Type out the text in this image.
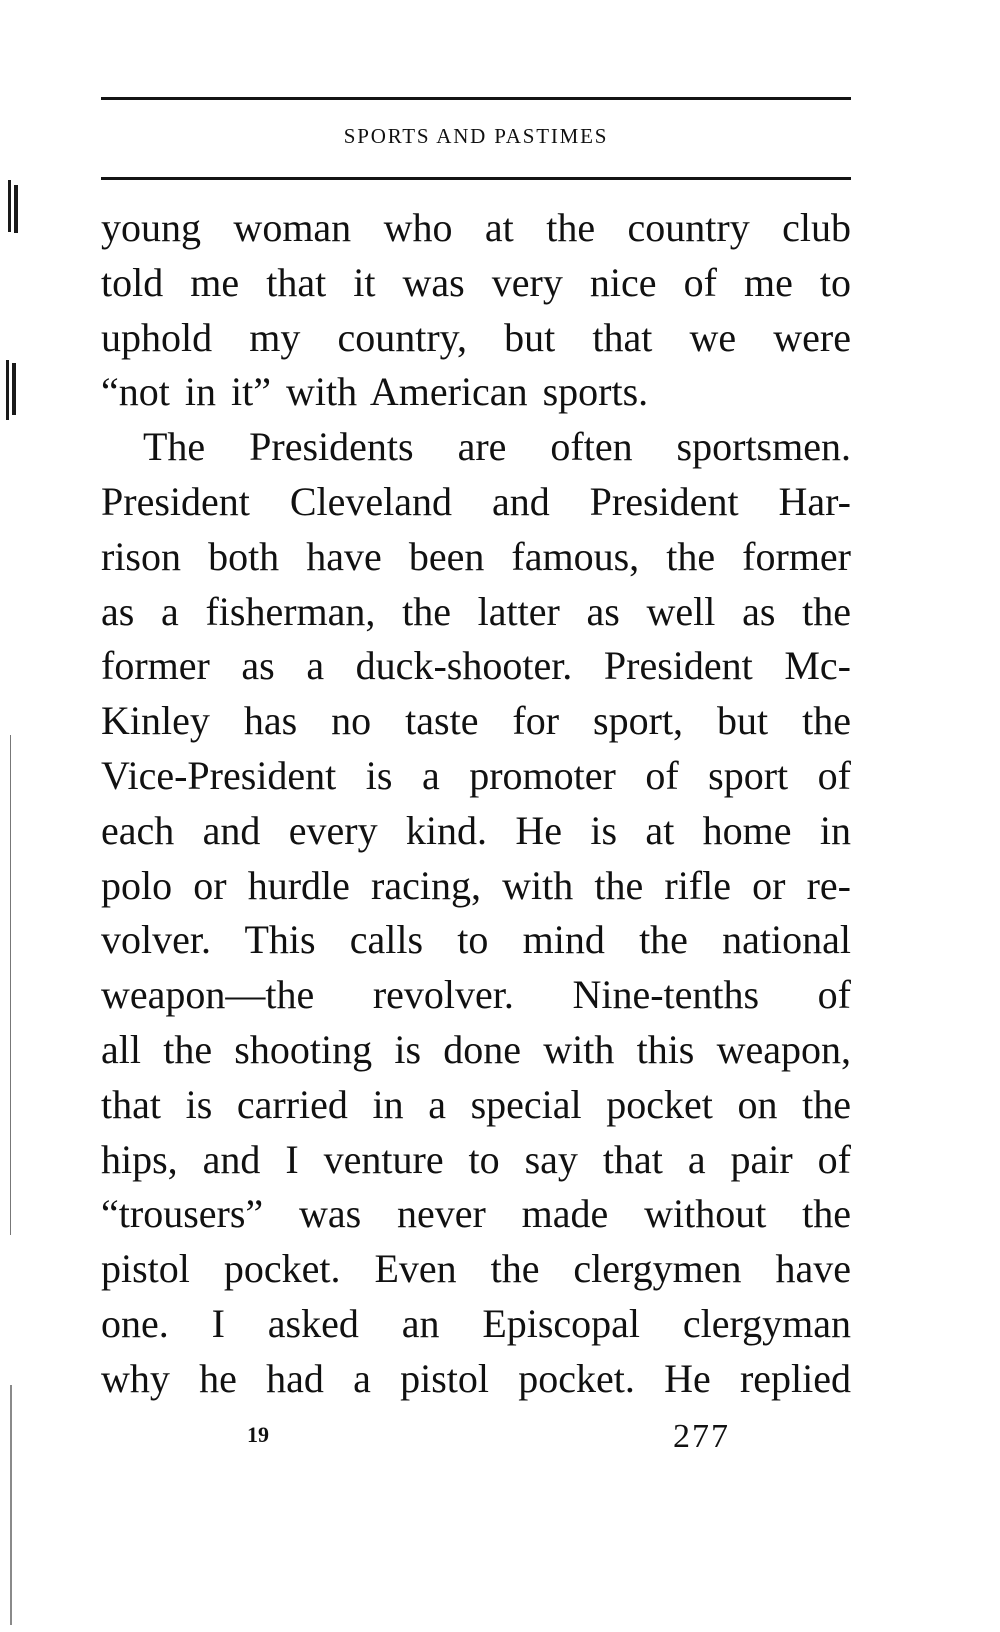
SPORTS AND PASTIMES
young woman who at the country club
told me that it was very nice of me to
uphold my country, but that we were
“not in it” with American sports.
The Presidents are often sportsmen.
President Cleveland and President Har-
rison both have been famous, the former
as a fisherman, the latter as well as the
former as a duck-shooter. President Mc-
Kinley has no taste for sport, but the
Vice-President is a promoter of sport of
each and every kind. He is at home in
polo or hurdle racing, with the rifle or re-
volver. This calls to mind the national
weapon—the revolver. Nine-tenths of
all the shooting is done with this weapon,
that is carried in a special pocket on the
hips, and I venture to say that a pair of
“trousers” was never made without the
pistol pocket. Even the clergymen have
one. I asked an Episcopal clergyman
why he had a pistol pocket. He replied
19	277
